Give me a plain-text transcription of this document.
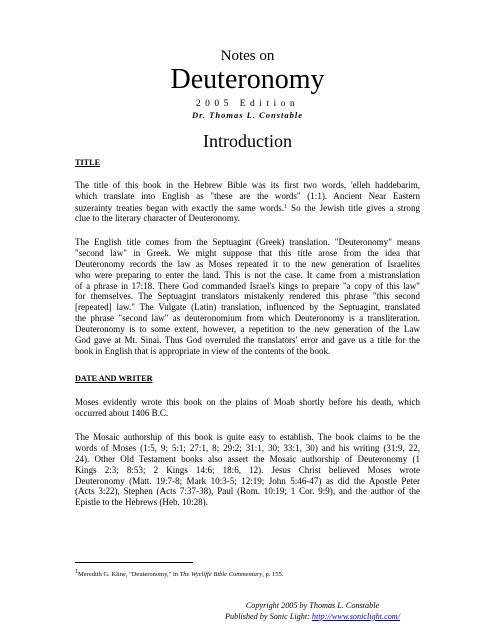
Notes on
Deuteronomy
2005 Edition
Dr. Thomas L. Constable
Introduction
TITLE
The title of this book in the Hebrew Bible was its first two words, 'elleh haddebarim,
which translate into English as "these are the words" (1:1). Ancient Near Eastern
suzerainty treaties began with exactly the same words.$^1$ So the Jewish title gives a strong
clue to the literary character of Deuteronomy.
The English title comes from the Septuagint (Greek) translation. "Deuteronomy" means
"second law" in Greek. We might suppose that this title arose from the idea that
Deuteronomy records the law as Moses repeated it to the new generation of Israelites
who were preparing to enter the land. This is not the case. It came from a mistranslation
of a phrase in 17:18. There God commanded Israel's kings to prepare "a copy of this law"
for themselves. The Septuagint translators mistakenly rendered this phrase "this second
[repeated] law." The Vulgate (Latin) translation, influenced by the Septuagint, translated
the phrase "second law" as deuteronomium from which Deuteronomy is a transliteration.
Deuteronomy is to some extent, however, a repetition to the new generation of the Law
God gave at Mt. Sinai. Thus God overruled the translators' error and gave us a title for the
book in English that is appropriate in view of the contents of the book.
DATE AND WRITER
Moses evidently wrote this book on the plains of Moab shortly before his death, which
occurred about 1406 B.C.
The Mosaic authorship of this book is quite easy to establish. The book claims to be the
words of Moses (1:5, 9; 5:1; 27:1, 8; 29:2; 31:1, 30; 33:1, 30) and his writing (31:9, 22,
24). Other Old Testament books also assert the Mosaic authorship of Deuteronomy (1
Kings 2:3; 8:53; 2 Kings 14:6; 18:6, 12). Jesus Christ believed Moses wrote
Deuteronomy (Matt. 19:7-8; Mark 10:3-5; 12:19; John 5:46-47) as did the Apostle Peter
(Acts 3:22), Stephen (Acts 7:37-38), Paul (Rom. 10:19; 1 Cor. 9:9), and the author of the
Epistle to the Hebrews (Heb. 10:28).
1Meredith G. Kline, "Deuteronomy," in The Wycliffe Bible Commentary, p. 155.
Copyright 2005 by Thomas L. Constable
Published by Sonic Light: http://www.soniclight.com/
